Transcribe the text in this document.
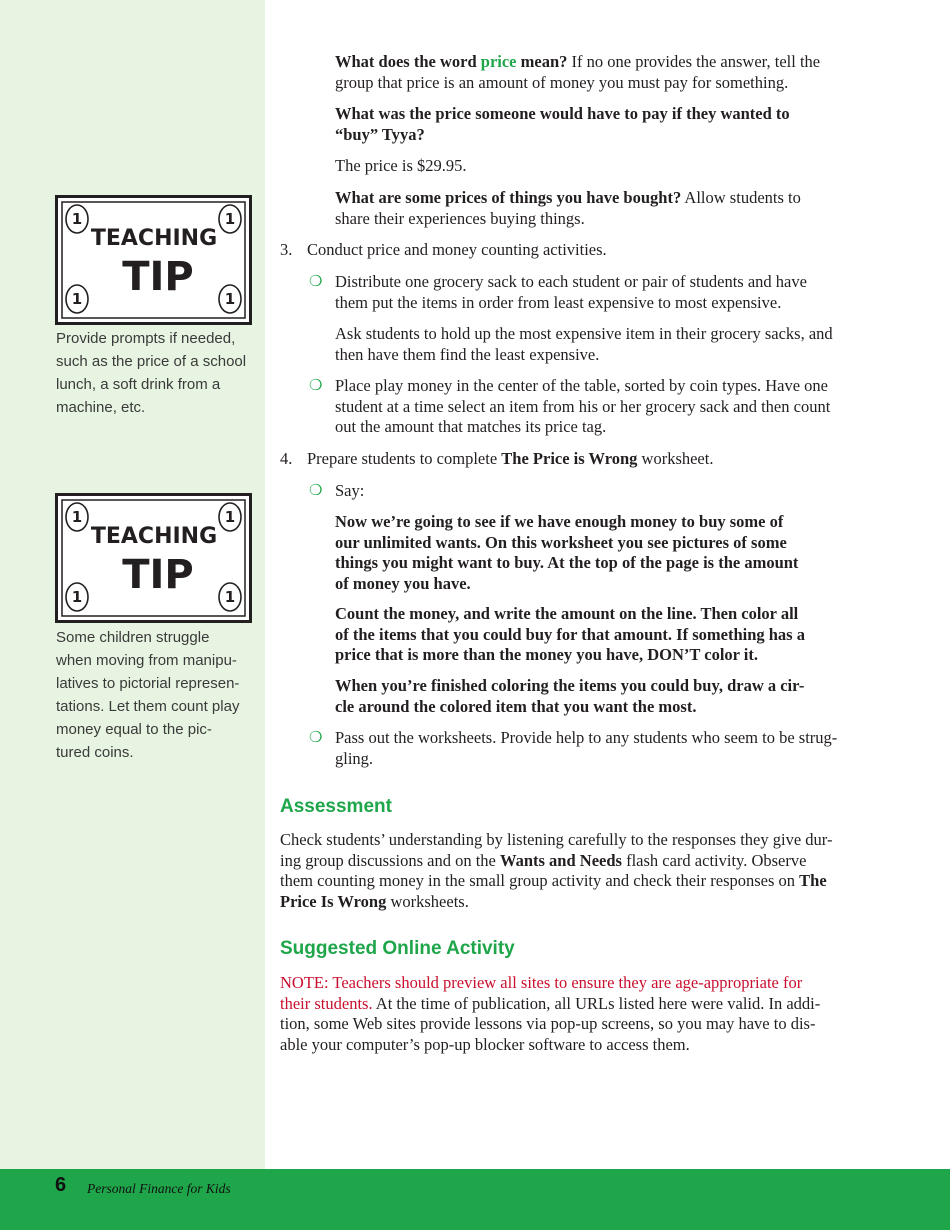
1	1
1	1
TEACHING
TIP

Provide prompts if needed,
such as the price of a school
lunch, a soft drink from a
machine, etc.

1	1
1	1
TEACHING
TIP

Some children struggle
when moving from manipu-
latives to pictorial represen-
tations. Let them count play
money equal to the pic-
tured coins.

What does the word price mean? If no one provides the answer, tell the
group that price is an amount of money you must pay for something.

What was the price someone would have to pay if they wanted to
“buy” Tyya?

The price is $29.95.

What are some prices of things you have bought? Allow students to
share their experiences buying things.

3. Conduct price and money counting activities.

❍ Distribute one grocery sack to each student or pair of students and have
them put the items in order from least expensive to most expensive.

Ask students to hold up the most expensive item in their grocery sacks, and
then have them find the least expensive.

❍ Place play money in the center of the table, sorted by coin types. Have one
student at a time select an item from his or her grocery sack and then count
out the amount that matches its price tag.

4. Prepare students to complete The Price is Wrong worksheet.

❍ Say:

Now we’re going to see if we have enough money to buy some of
our unlimited wants. On this worksheet you see pictures of some
things you might want to buy. At the top of the page is the amount
of money you have.

Count the money, and write the amount on the line. Then color all
of the items that you could buy for that amount. If something has a
price that is more than the money you have, DON’T color it.

When you’re finished coloring the items you could buy, draw a cir-
cle around the colored item that you want the most.

❍ Pass out the worksheets. Provide help to any students who seem to be strug-
gling.

Assessment

Check students’ understanding by listening carefully to the responses they give dur-
ing group discussions and on the Wants and Needs flash card activity. Observe
them counting money in the small group activity and check their responses on The
Price Is Wrong worksheets.

Suggested Online Activity

NOTE: Teachers should preview all sites to ensure they are age-appropriate for
their students. At the time of publication, all URLs listed here were valid. In addi-
tion, some Web sites provide lessons via pop-up screens, so you may have to dis-
able your computer’s pop-up blocker software to access them.

6 Personal Finance for Kids
